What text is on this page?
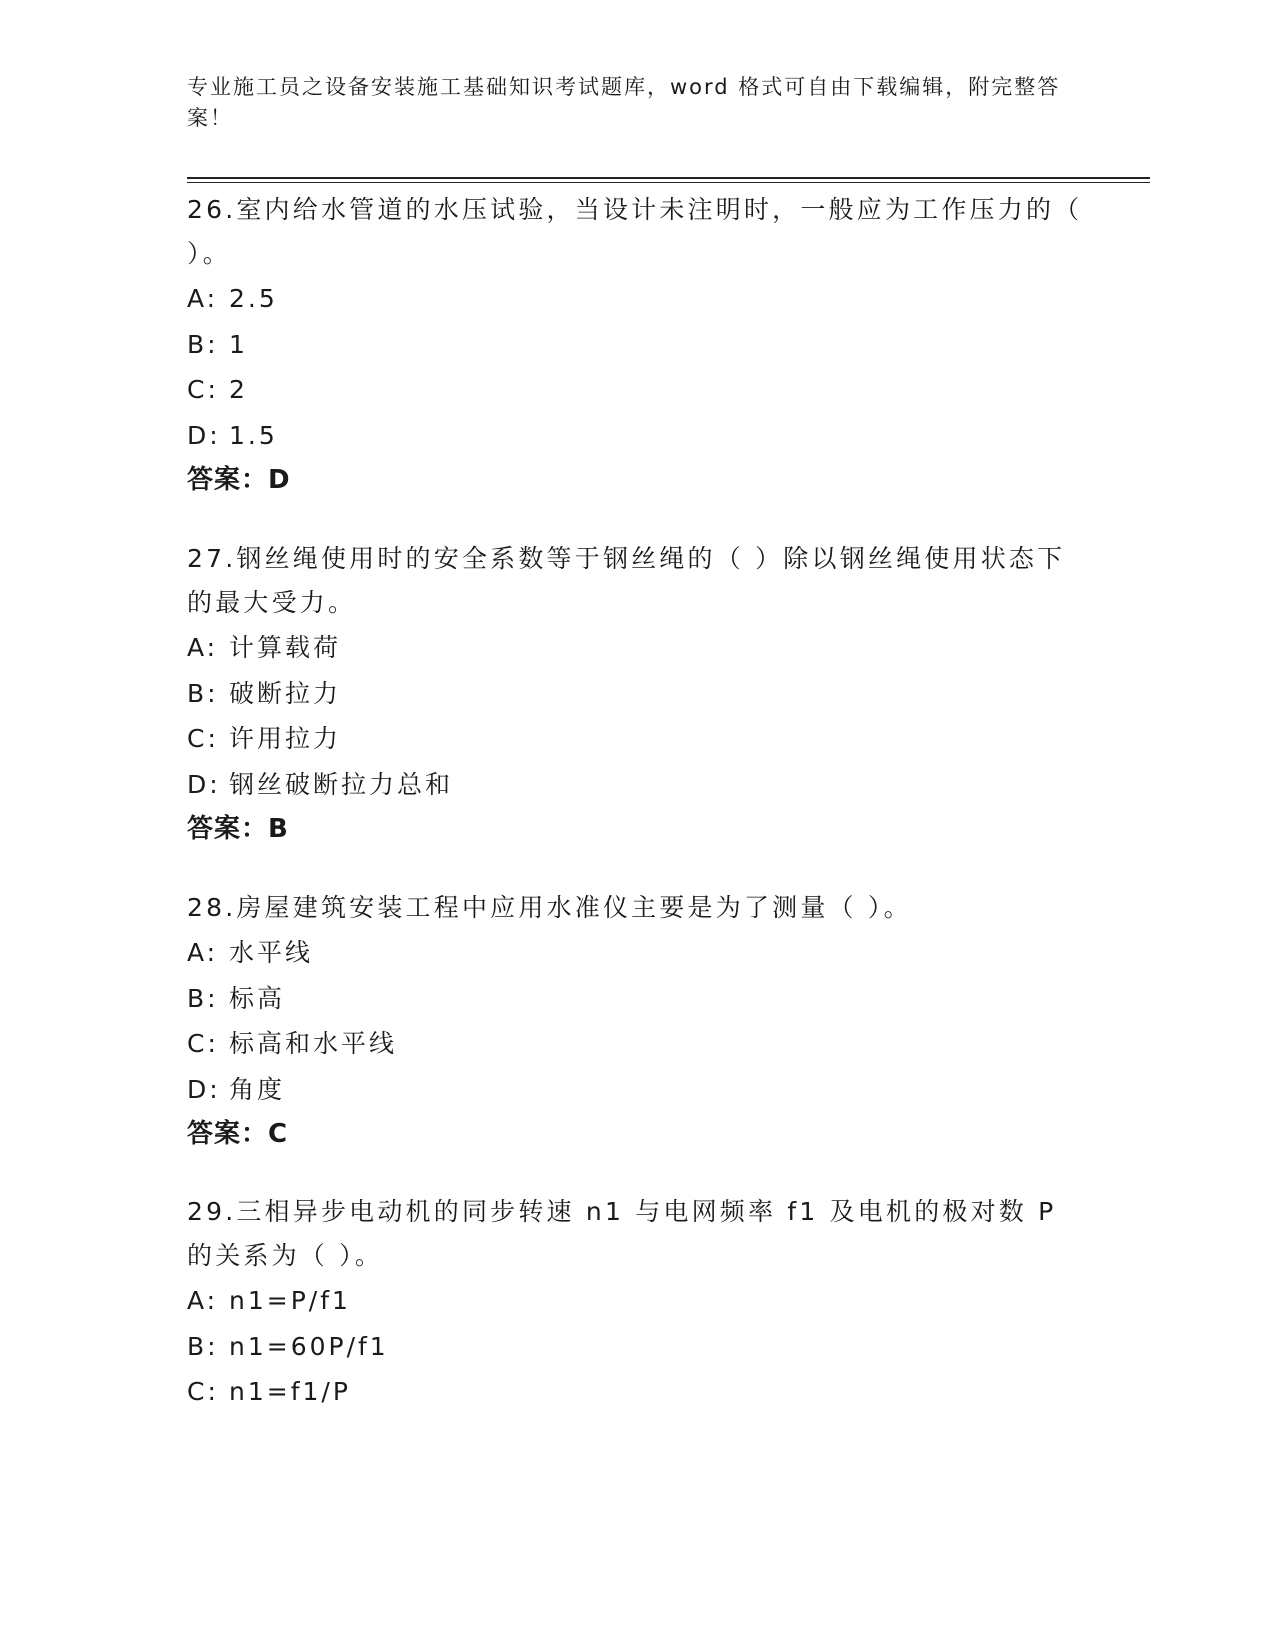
专业施工员之设备安装施工基础知识考试题库，word 格式可自由下载编辑，附完整答案！
26.室内给水管道的水压试验，当设计未注明时，一般应为工作压力的（ ）。
A: 2.5
B: 1
C: 2
D: 1.5
答案：D
27.钢丝绳使用时的安全系数等于钢丝绳的（ ）除以钢丝绳使用状态下的最大受力。
A: 计算载荷
B: 破断拉力
C: 许用拉力
D: 钢丝破断拉力总和
答案：B
28.房屋建筑安装工程中应用水准仪主要是为了测量（ ）。
A: 水平线
B: 标高
C: 标高和水平线
D: 角度
答案：C
29.三相异步电动机的同步转速 n1 与电网频率 f1 及电机的极对数 P 的关系为（ ）。
A: n1=P/f1
B: n1=60P/f1
C: n1=f1/P
